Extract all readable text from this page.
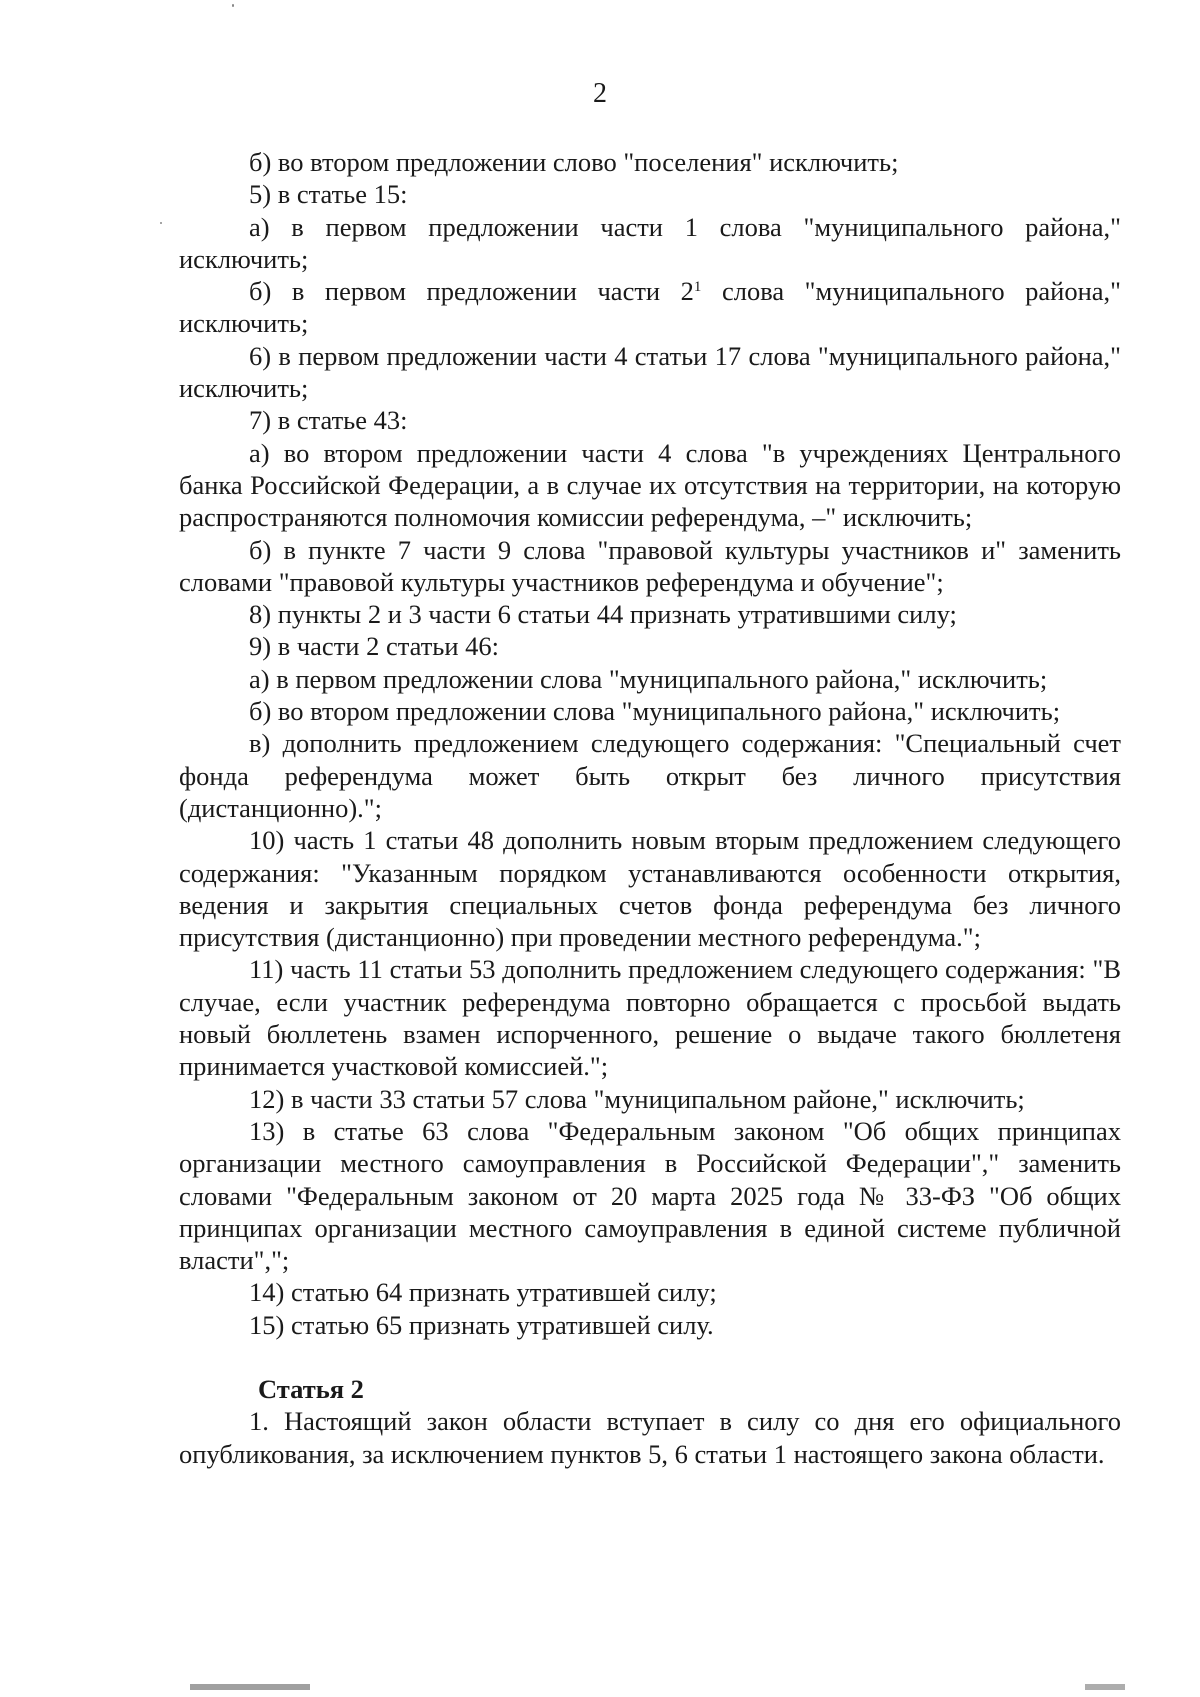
2

б) во втором предложении слово "поселения" исключить;

5) в статье 15:

а) в первом предложении части 1 слова "муниципального района," исключить;

б) в первом предложении части $2^1$ слова "муниципального района," исключить;

6) в первом предложении части 4 статьи 17 слова "муниципального района," исключить;

7) в статье 43:

а) во втором предложении части 4 слова "в учреждениях Центрального банка Российской Федерации, а в случае их отсутствия на территории, на которую распространяются полномочия комиссии референдума, –" исключить;

б) в пункте 7 части 9 слова "правовой культуры участников и" заменить словами "правовой культуры участников референдума и обучение";

8) пункты 2 и 3 части 6 статьи 44 признать утратившими силу;

9) в части 2 статьи 46:

а) в первом предложении слова "муниципального района," исключить;

б) во втором предложении слова "муниципального района," исключить;

в) дополнить предложением следующего содержания: "Специальный счет фонда референдума может быть открыт без личного присутствия (дистанционно).";

10) часть 1 статьи 48 дополнить новым вторым предложением следующего содержания: "Указанным порядком устанавливаются особенности открытия, ведения и закрытия специальных счетов фонда референдума без личного присутствия (дистанционно) при проведении местного референдума.";

11) часть 11 статьи 53 дополнить предложением следующего содержания: "В случае, если участник референдума повторно обращается с просьбой выдать новый бюллетень взамен испорченного, решение о выдаче такого бюллетеня принимается участковой комиссией.";

12) в части 33 статьи 57 слова "муниципальном районе," исключить;

13) в статье 63 слова "Федеральным законом "Об общих принципах организации местного самоуправления в Российской Федерации"," заменить словами "Федеральным законом от 20 марта 2025 года № 33-ФЗ "Об общих принципах организации местного самоуправления в единой системе публичной власти",";

14) статью 64 признать утратившей силу;

15) статью 65 признать утратившей силу.

Статья 2

1. Настоящий закон области вступает в силу со дня его официального опубликования, за исключением пунктов 5, 6 статьи 1 настоящего закона области.
